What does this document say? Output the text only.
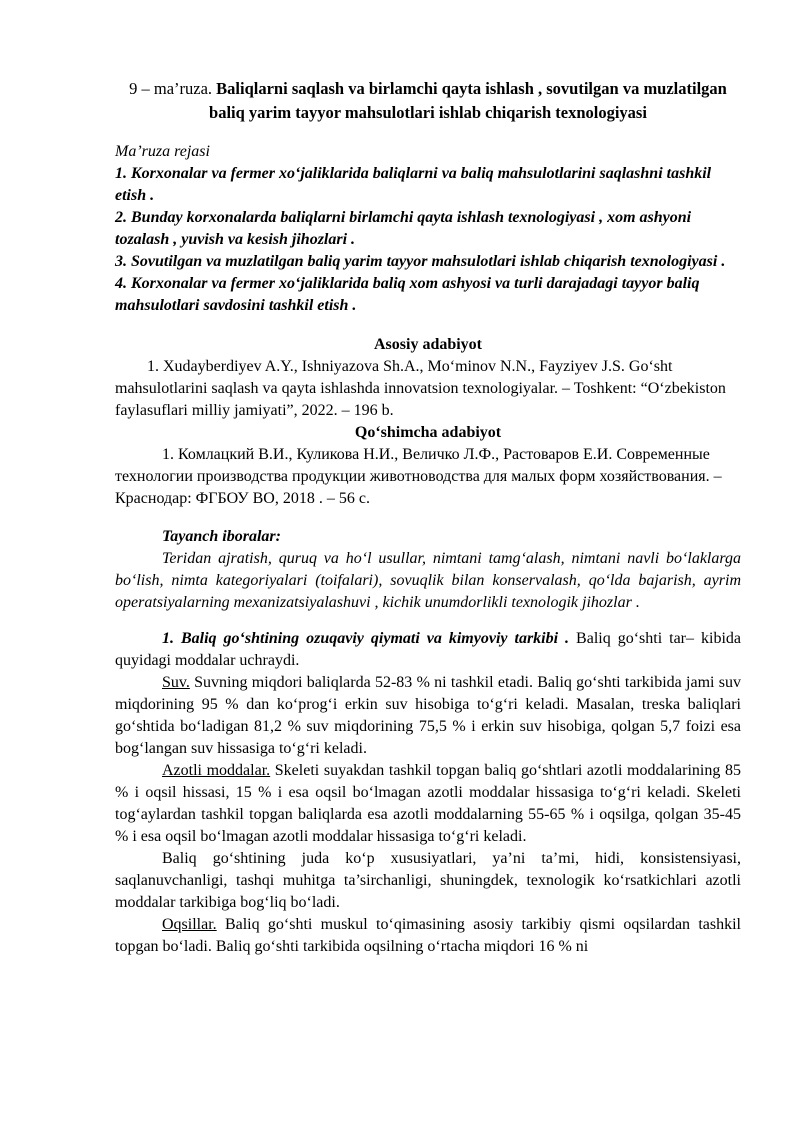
9 – ma’ruza. Baliqlarni saqlash va birlamchi qayta ishlash , sovutilgan va muzlatilgan baliq yarim tayyor mahsulotlari ishlab chiqarish texnologiyasi

Ma’ruza rejasi

1. Korxonalar va fermer xo‘jaliklarida baliqlarni va baliq mahsulotlarini saqlashni tashkil etish .

2. Bunday korxonalarda baliqlarni birlamchi qayta ishlash texnologiyasi , xom ashyoni tozalash , yuvish va kesish jihozlari .

3. Sovutilgan va muzlatilgan baliq yarim tayyor mahsulotlari ishlab chiqarish texnologiyasi .

4. Korxonalar va fermer xo‘jaliklarida baliq xom ashyosi va turli darajadagi tayyor baliq mahsulotlari savdosini tashkil etish .

Asosiy adabiyot

1. Xudayberdiyev A.Y., Ishniyazova Sh.A., Mo‘minov N.N., Fayziyev J.S. Go‘sht mahsulotlarini saqlash va qayta ishlashda innovatsion texnologiyalar. – Toshkent: “O‘zbekiston faylasuflari milliy jamiyati”, 2022. – 196 b.

Qo‘shimcha adabiyot

1. Комлацкий В.И., Куликова Н.И., Величко Л.Ф., Растоваров Е.И. Современные технологии производства продукции животноводства для малых форм хозяйствования. – Краснодар: ФГБОУ ВО, 2018 . – 56 с.

Tayanch iboralar:

Teridan ajratish, quruq va ho‘l usullar, nimtani tamg‘alash, nimtani navli bo‘laklarga bo‘lish, nimta kategoriyalari (toifalari), sovuqlik bilan konservalash, qo‘lda bajarish, ayrim operatsiyalarning mexanizatsiyalashuvi , kichik unumdorlikli texnologik jihozlar .

1. Baliq go‘shtining ozuqaviy qiymati va kimyoviy tarkibi . Baliq go‘shti tar– kibida quyidagi moddalar uchraydi.

Suv. Suvning miqdori baliqlarda 52-83 % ni tashkil etadi. Baliq go‘shti tarkibida jami suv miqdorining 95 % dan ko‘prog‘i erkin suv hisobiga to‘g‘ri keladi. Masalan, treska baliqlari go‘shtida bo‘ladigan 81,2 % suv miqdorining 75,5 % i erkin suv hisobiga, qolgan 5,7 foizi esa bog‘langan suv hissasiga to‘g‘ri keladi.

Azotli moddalar. Skeleti suyakdan tashkil topgan baliq go‘shtlari azotli moddalarining 85 % i oqsil hissasi, 15 % i esa oqsil bo‘lmagan azotli moddalar hissasiga to‘g‘ri keladi. Skeleti tog‘aylardan tashkil topgan baliqlarda esa azotli moddalarning 55-65 % i oqsilga, qolgan 35-45 % i esa oqsil bo‘lmagan azotli moddalar hissasiga to‘g‘ri keladi.

Baliq go‘shtining juda ko‘p xususiyatlari, ya’ni ta’mi, hidi, konsistensiyasi, saqlanuvchanligi, tashqi muhitga ta’sirchanligi, shuningdek, texnologik ko‘rsatkichlari azotli moddalar tarkibiga bog‘liq bo‘ladi.

Oqsillar. Baliq go‘shti muskul to‘qimasining asosiy tarkibiy qismi oqsilardan tashkil topgan bo‘ladi. Baliq go‘shti tarkibida oqsilning o‘rtacha miqdori 16 % ni
